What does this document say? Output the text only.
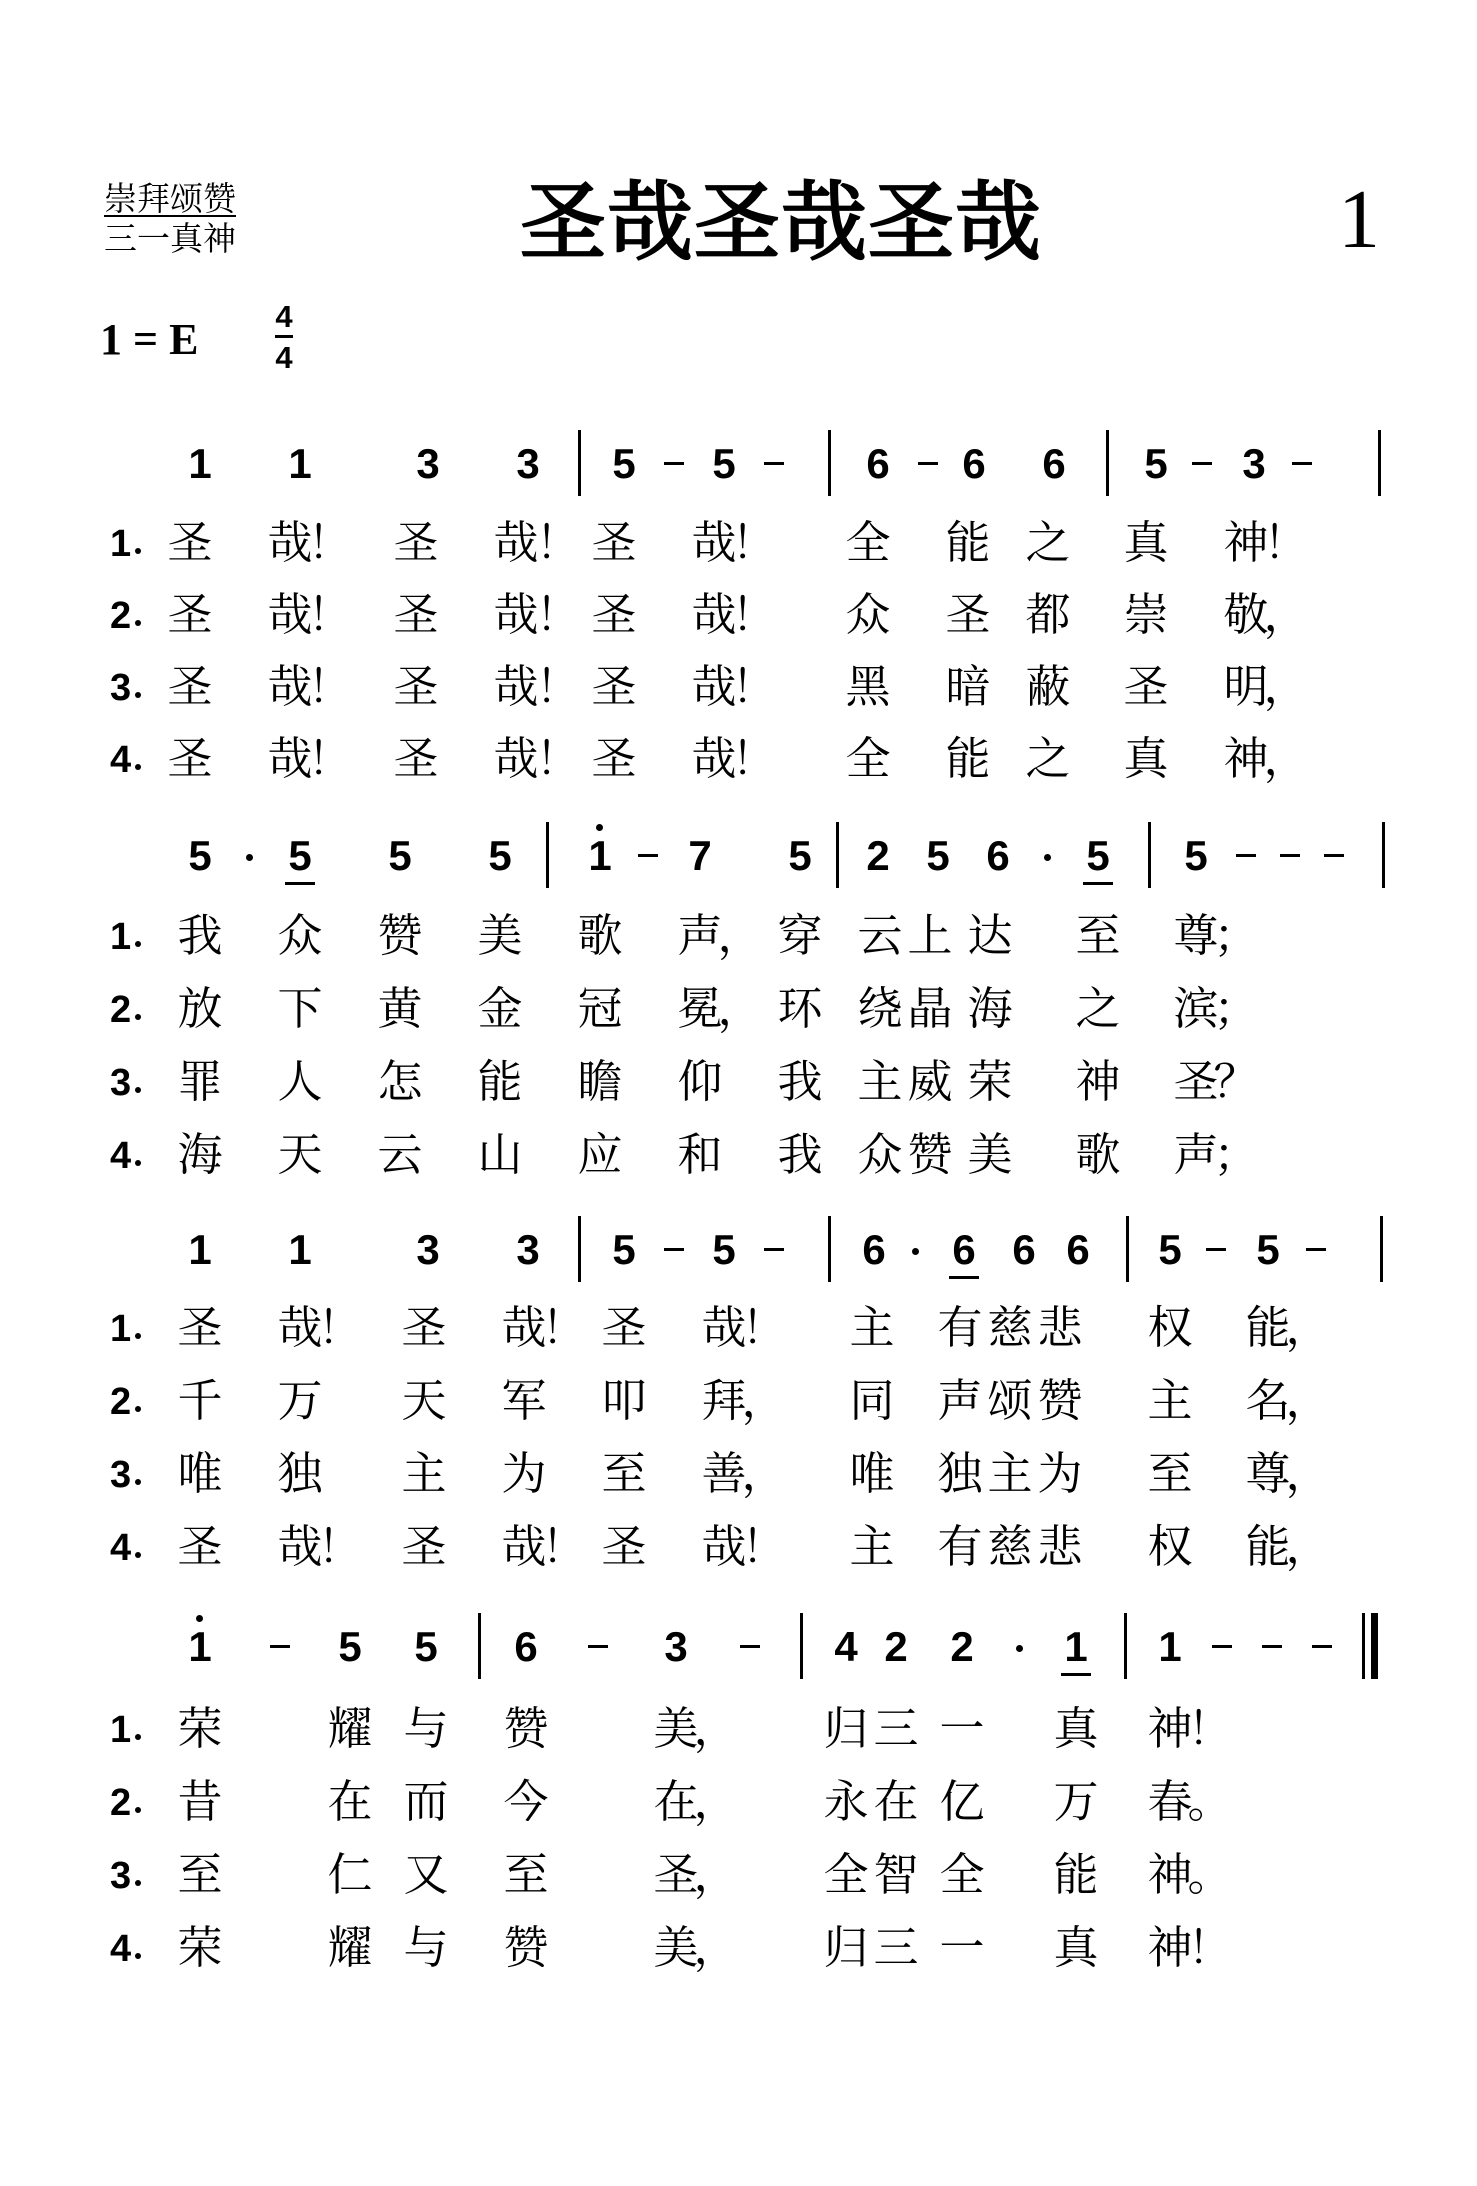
崇拜颂赞
三一真神	圣哉圣哉圣哉	1
1 = E 4
4
1 1 3 3 5 5	6 6 6 5 3
1 圣 哉
！ 圣 哉
！ 圣 哉
！ 全 能 之 真 神
！
2 圣 哉
！ 圣 哉
！ 圣 哉
！ 众 圣 都 崇 敬
，
3 圣 哉
！ 圣 哉
！ 圣 哉
！ 黑 暗 蔽 圣 明
，
4 圣 哉
！ 圣 哉
！ 圣 哉
！ 全 能 之 真 神
，
5 5 5 5 1 7 5 2 5 6 5 5
1 我 众 赞 美 歌 声
， 穿 云 上 达 至 尊
；
2 放 下 黄 金 冠 冕
， 环 绕 晶 海 之 滨
；
3 罪 人 怎 能 瞻 仰 我 主 威 荣 神 圣
？
4 海 天 云 山 应 和 我 众 赞 美 歌 声
；
1 1 3 3 5 5	6 6 6 6 5 5
1 圣 哉
！ 圣 哉
！ 圣 哉
！ 主 有 慈 悲 权 能
，
2 千 万 天 军 叩 拜
， 同 声 颂 赞 主 名
，
3 唯 独 主 为 至 善
， 唯 独 主 为 至 尊
，
4 圣 哉
！ 圣 哉
！ 圣 哉
！ 主 有 慈 悲 权 能
，
1	5 5 6	3	4 2 2 1 1
1 荣 耀 与 赞 美
， 归 三 一 真 神
！
2 昔 在 而 今 在
， 永 在 亿 万 春
。
3 至 仁 又 至 圣
， 全 智 全 能 神
。
4 荣 耀 与 赞 美
， 归 三 一 真 神
！
